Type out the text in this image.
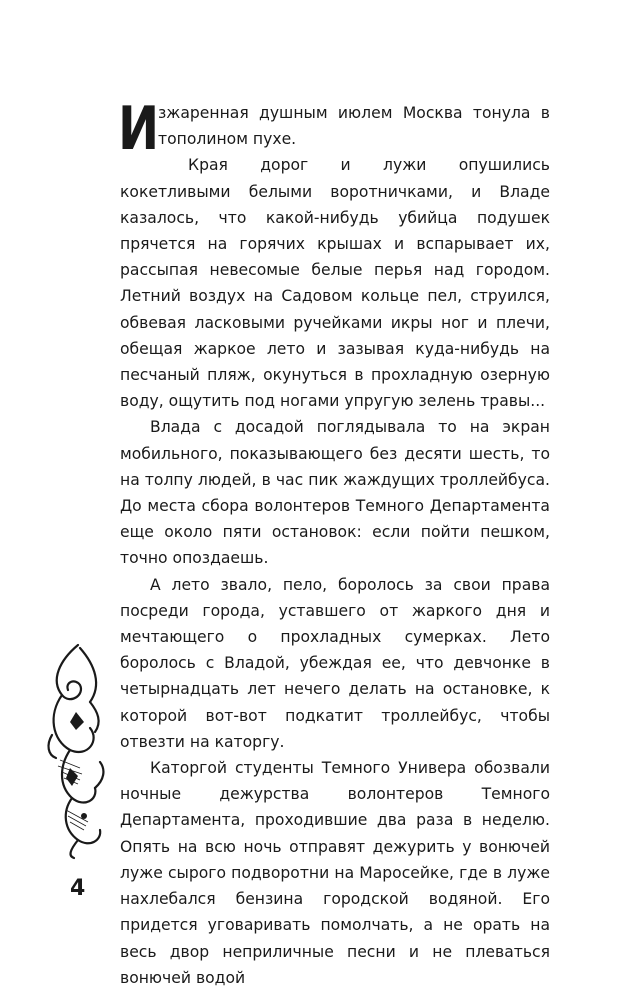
И
зжаренная душным июлем Москва тонула в тополином пухе.

Края дорог и лужи опушились кокетливыми белыми воротничками, и Владе казалось, что какой-нибудь убийца подушек прячется на горячих крышах и вспарывает их, рассыпая невесомые белые перья над городом. Летний воздух на Садовом кольце пел, струился, обвевая ласковыми ручейками икры ног и плечи, обещая жаркое лето и зазывая куда-нибудь на песчаный пляж, окунуться в прохладную озерную воду, ощутить под ногами упругую зелень травы...

Влада с досадой поглядывала то на экран мобильного, показывающего без десяти шесть, то на толпу людей, в час пик жаждущих троллейбуса. До места сбора волонтеров Темного Департамента еще около пяти остановок: если пойти пешком, точно опоздаешь.

А лето звало, пело, боролось за свои права посреди города, уставшего от жаркого дня и мечтающего о прохладных сумерках. Лето боролось с Владой, убеждая ее, что девчонке в четырнадцать лет нечего делать на остановке, к которой вот-вот подкатит троллейбус, чтобы отвезти на каторгу.

Каторгой студенты Темного Универа обозвали ночные дежурства волонтеров Темного Департамента, проходившие два раза в неделю. Опять на всю ночь отправят дежурить у вонючей луже сырого подворотни на Маросейке, где в луже нахлебался бензина городской водяной. Его придется уговаривать помолчать, а не орать на весь двор неприличные песни и не плеваться вонючей водой

4
